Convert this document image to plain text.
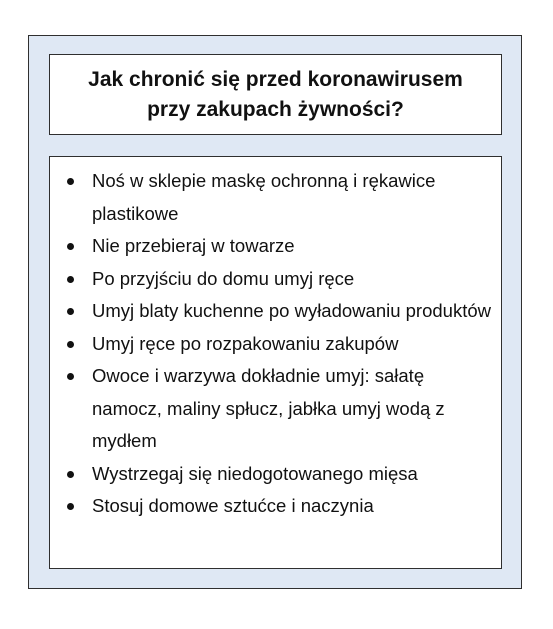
Jak chronić się przed koronawirusem
przy zakupach żywności?

Noś w sklepie maskę ochronną i rękawice plastikowe
Nie przebieraj w towarze
Po przyjściu do domu umyj ręce
Umyj blaty kuchenne po wyładowaniu produktów
Umyj ręce po rozpakowaniu zakupów
Owoce i warzywa dokładnie umyj: sałatę namocz, maliny spłucz, jabłka umyj wodą z mydłem
Wystrzegaj się niedogotowanego mięsa
Stosuj domowe sztućce i naczynia
